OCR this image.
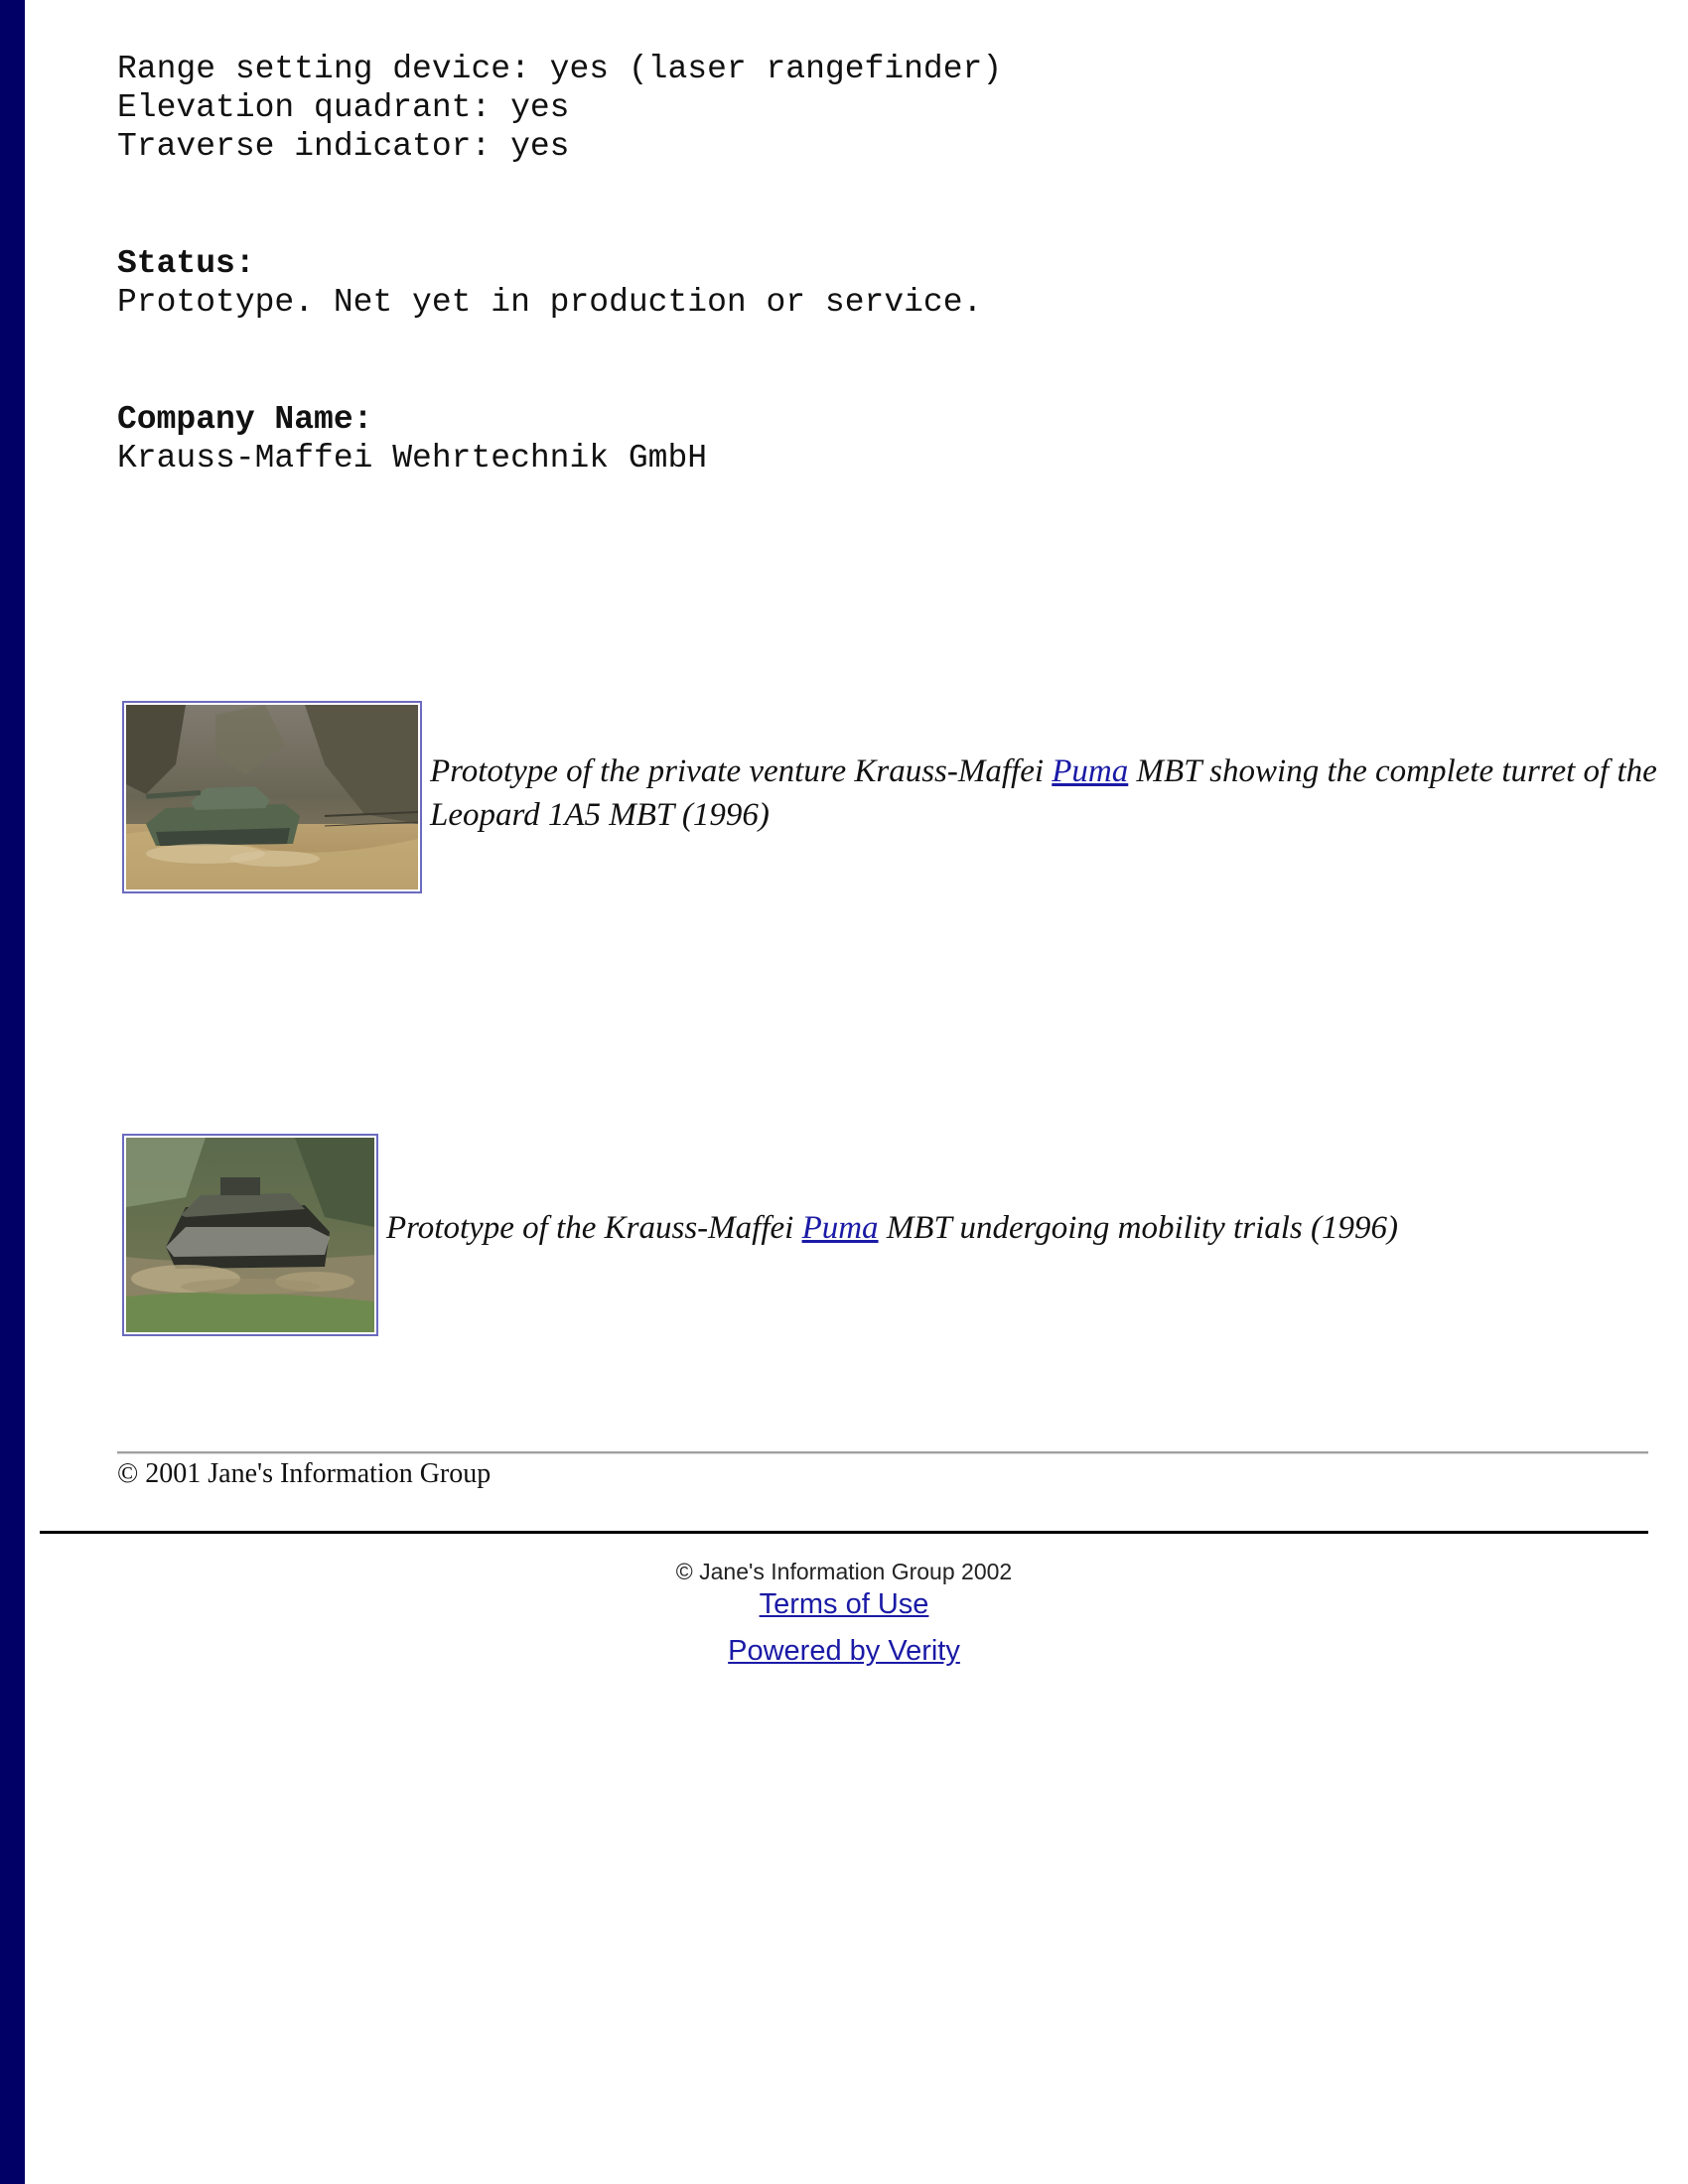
Range setting device: yes (laser rangefinder)

Elevation quadrant: yes

Traverse indicator: yes

Status:

Prototype. Net yet in production or service.

Company Name:

Krauss-Maffei Wehrtechnik GmbH

Prototype of the private venture Krauss-Maffei Puma MBT showing the complete turret of the Leopard 1A5 MBT (1996)
Prototype of the Krauss-Maffei Puma MBT undergoing mobility trials (1996)
© 2001 Jane's Information Group
© Jane's Information Group 2002
Terms of Use
Powered by Verity
